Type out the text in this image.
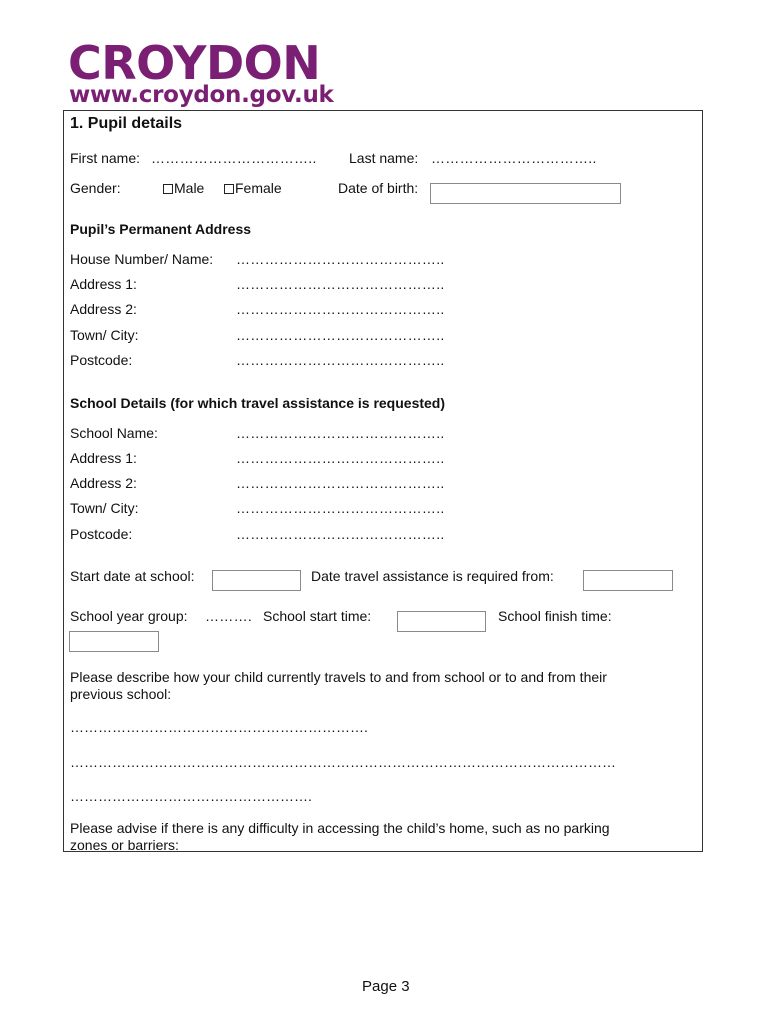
CROYDON
www.croydon.gov.uk
1. Pupil details
First name: …………………………….. Last name: ……………………………..
Gender:	Male	Female	Date of birth:
Pupil’s Permanent Address
House Number/ Name: ……………………………………..
Address 1:	……………………………………..
Address 2:	……………………………………..
Town/ City:	……………………………………..
Postcode:	……………………………………..
School Details (for which travel assistance is requested)
School Name:	……………………………………..
Address 1:	……………………………………..
Address 2:	……………………………………..
Town/ City:	……………………………………..
Postcode:	……………………………………..
Start date at school:	Date travel assistance is required from:
School year group: ………. School start time:	School finish time:
Please describe how your child currently travels to and from school or to and from their
previous school:
……………………………………………………….
………………………………………………………………………………………………………
…………………………………………….
Please advise if there is any difficulty in accessing the child’s home, such as no parking
zones or barriers:
Page 3
